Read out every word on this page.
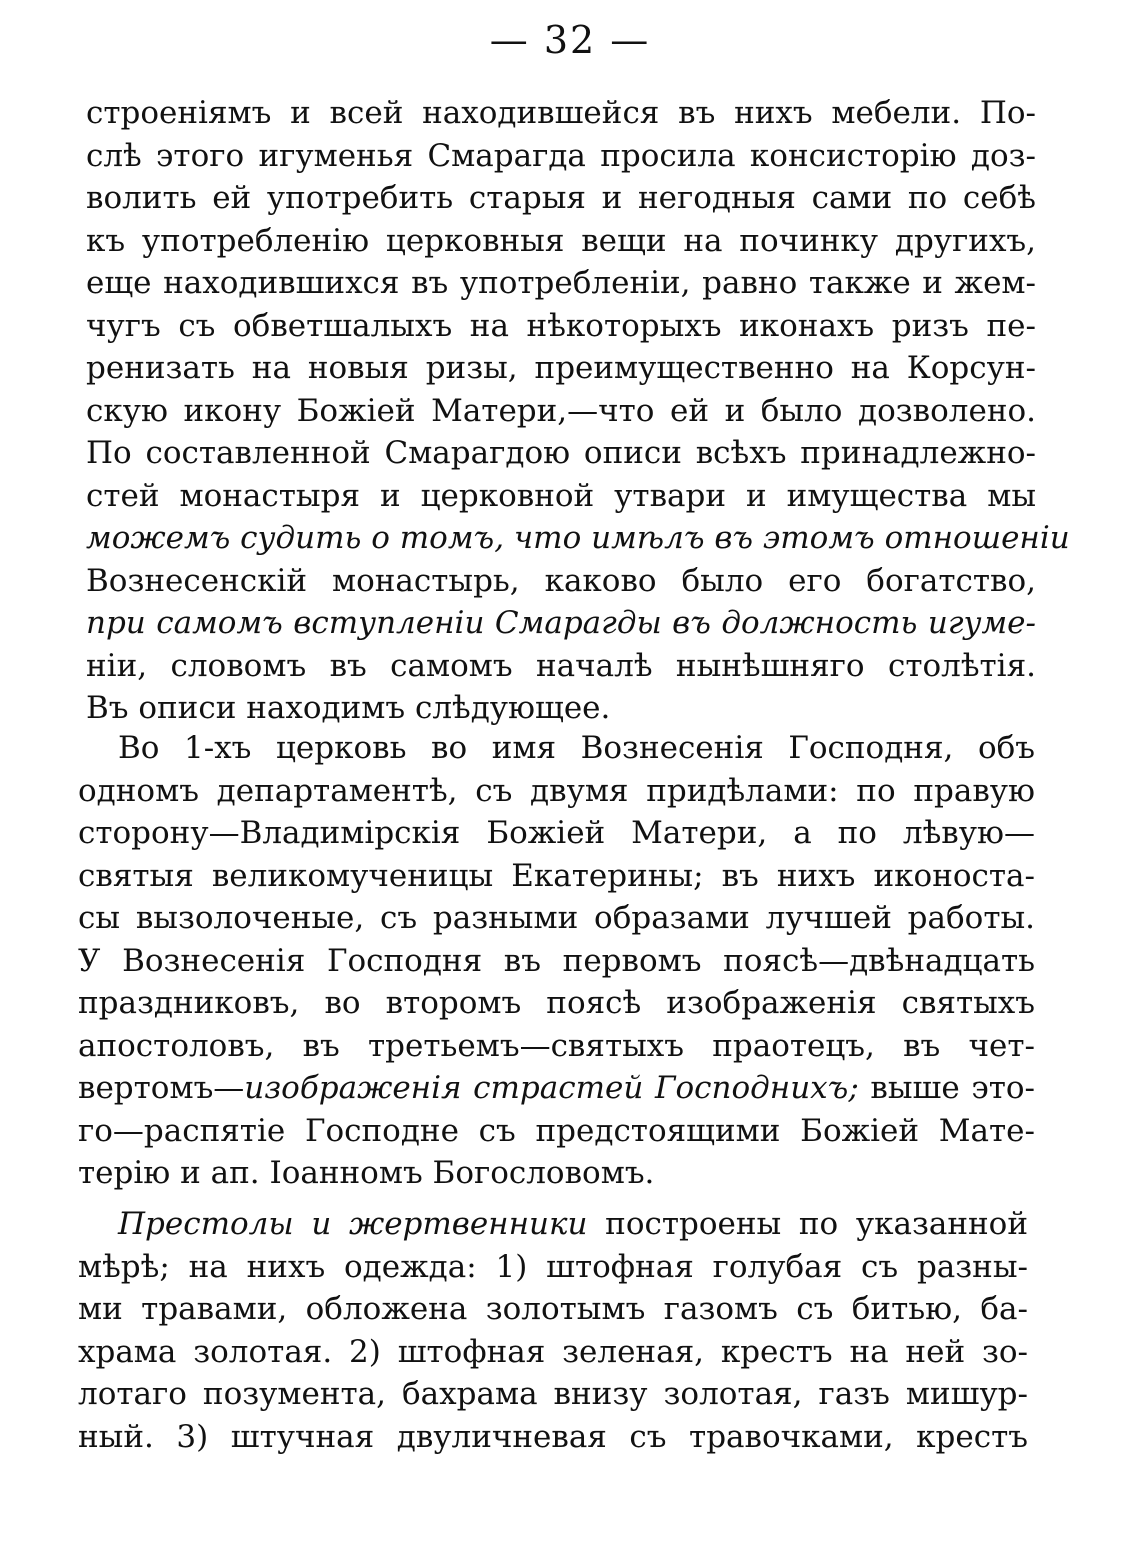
— 32 —
строеніямъ и всей находившейся въ нихъ мебели. По-
слѣ этого игуменья Смарагда просила консисторію доз-
волить ей употребить старыя и негодныя сами по себѣ
къ употребленію церковныя вещи на починку другихъ,
еще находившихся въ употребленіи, равно также и жем-
чугъ съ обветшалыхъ на нѣкоторыхъ иконахъ ризъ пе-
ренизать на новыя ризы, преимущественно на Корсун-
скую икону Божіей Матери,—что ей и было дозволено.
По составленной Смарагдою описи всѣхъ принадлежно-
стей монастыря и церковной утвари и имущества мы
можемъ судить о томъ, что имѣлъ въ этомъ отношеніи
Вознесенскій монастырь, каково было его богатство,
при самомъ вступленіи Смарагды въ должность игуме-
ніи, словомъ въ самомъ началѣ нынѣшняго столѣтія.
Въ описи находимъ слѣдующее.
Во 1-хъ церковь во имя Вознесенія Господня, объ
одномъ департаментѣ, съ двумя придѣлами: по правую
сторону—Владимірскія Божіей Матери, а по лѣвую—
святыя великомученицы Екатерины; въ нихъ иконоста-
сы вызолоченые, съ разными образами лучшей работы.
У Вознесенія Господня въ первомъ поясѣ—двѣнадцать
праздниковъ, во второмъ поясѣ изображенія святыхъ
апостоловъ, въ третьемъ—святыхъ праотецъ, въ чет-
вертомъ—изображенія страстей Господнихъ; выше это-
го—распятіе Господне съ предстоящими Божіей Мате-
терію и ап. Іоанномъ Богословомъ.
Престолы и жертвенники построены по указанной
мѣрѣ; на нихъ одежда: 1) штофная голубая съ разны-
ми травами, обложена золотымъ газомъ съ битью, ба-
храма золотая. 2) штофная зеленая, крестъ на ней зо-
лотаго позумента, бахрама внизу золотая, газъ мишур-
ный. 3) штучная двуличневая съ травочками, крестъ
